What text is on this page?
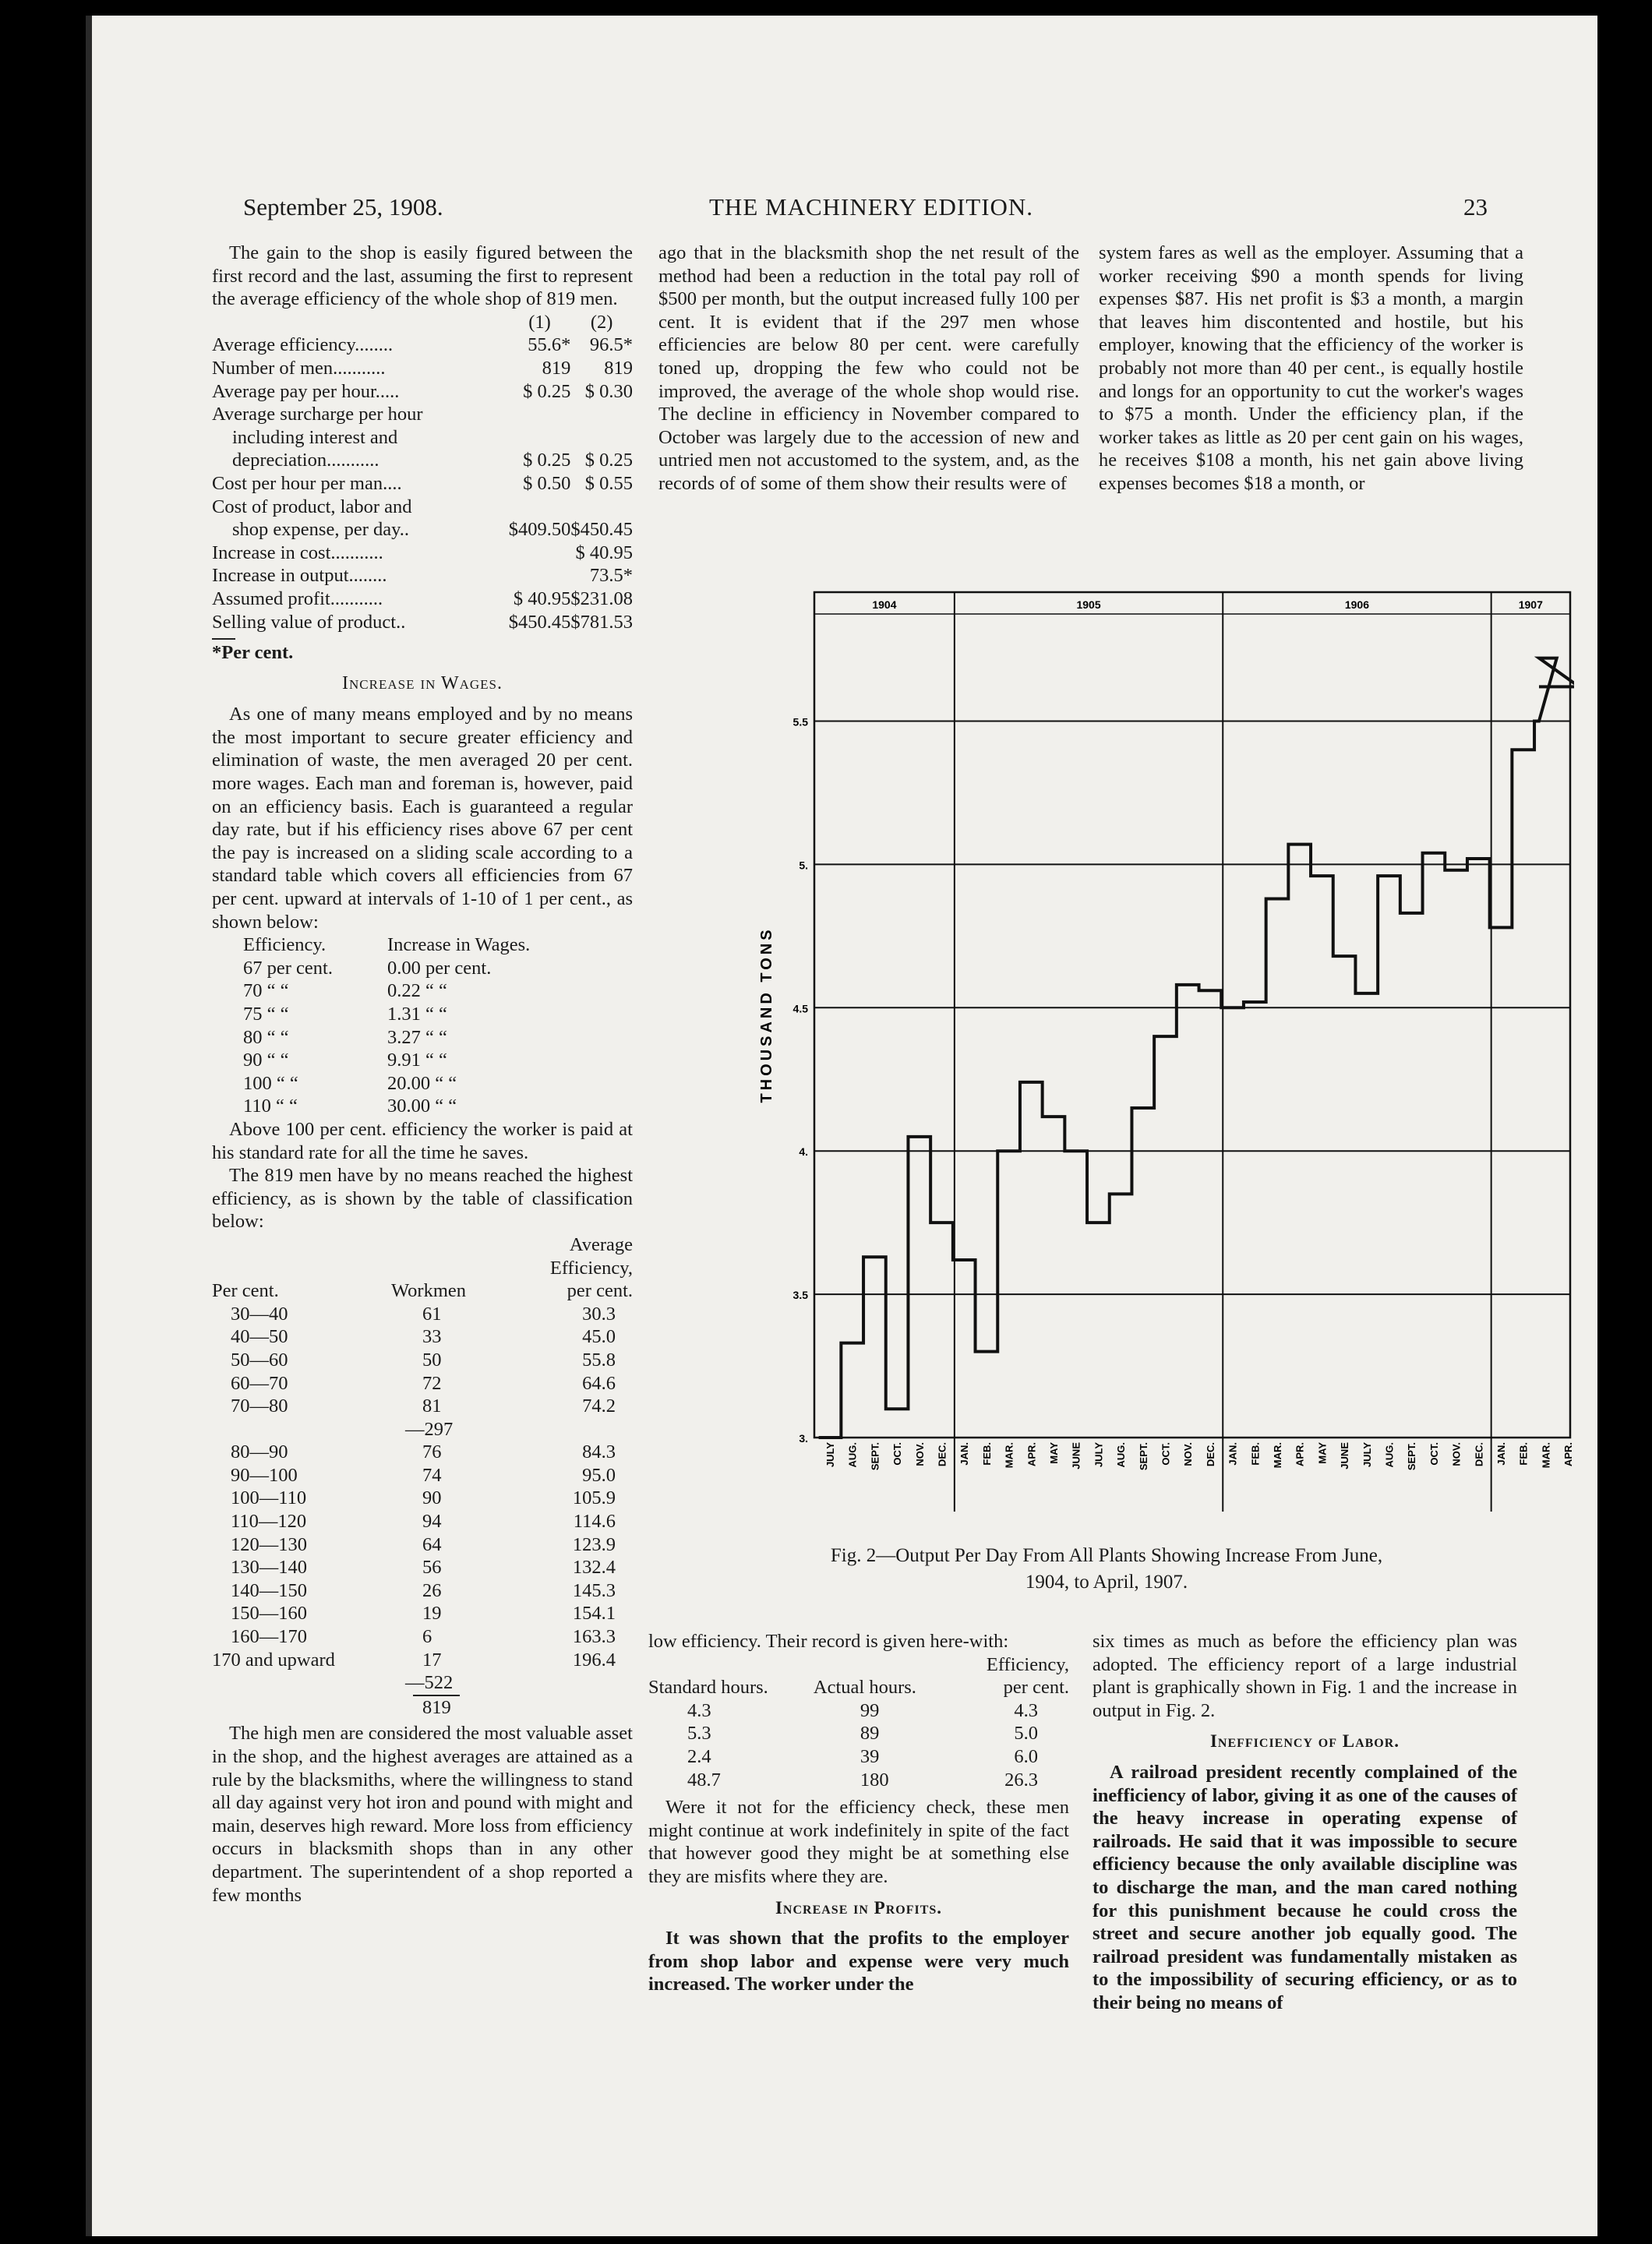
September 25, 1908.	THE MACHINERY EDITION.	23

The gain to the shop is easily figured between the first record and the last, assuming the first to represent the average efficiency of the whole shop of 819 men.

	(1)	(2)
Average efficiency........	55.6*	96.5*
Number of men...........	819	819
Average pay per hour.....	$ 0.25	$ 0.30
Average surcharge per hour		
including interest and		
depreciation...........	$ 0.25	$ 0.25
Cost per hour per man....	$ 0.50	$ 0.55
Cost of product, labor and		
shop expense, per day..	$409.50	$450.45
Increase in cost...........		$ 40.95
Increase in output........		73.5*
Assumed profit...........	$ 40.95	$231.08
Selling value of product..	$450.45	$781.53
*Per cent.
Increase in Wages.

As one of many means employed and by no means the most important to secure greater efficiency and elimination of waste, the men averaged 20 per cent. more wages. Each man and foreman is, however, paid on an efficiency basis. Each is guaranteed a regular day rate, but if his efficiency rises above 67 per cent the pay is increased on a sliding scale according to a standard table which covers all efficiencies from 67 per cent. upward at intervals of 1-10 of 1 per cent., as shown below:

Efficiency.	Increase in Wages.
67 per cent.	0.00 per cent.
70 “ “	0.22 “ “
75 “ “	1.31 “ “
80 “ “	3.27 “ “
90 “ “	9.91 “ “
100 “ “	20.00 “ “
110 “ “	30.00 “ “

Above 100 per cent. efficiency the worker is paid at his standard rate for all the time he saves.

The 819 men have by no means reached the highest efficiency, as is shown by the table of classification below:

		Average
		Efficiency,
Per cent.	Workmen	per cent.
30—40	61	30.3
40—50	33	45.0
50—60	50	55.8
60—70	72	64.6
70—80	81	74.2
	—297	
80—90	76	84.3
90—100	74	95.0
100—110	90	105.9
110—120	94	114.6
120—130	64	123.9
130—140	56	132.4
140—150	26	145.3
150—160	19	154.1
160—170	6	163.3
170 and upward	17	196.4
	—522	

	819	

The high men are considered the most valuable asset in the shop, and the highest averages are attained as a rule by the blacksmiths, where the willingness to stand all day against very hot iron and pound with might and main, deserves high reward. More loss from efficiency occurs in blacksmith shops than in any other department. The superintendent of a shop reported a few months

ago that in the blacksmith shop the net result of the method had been a reduction in the total pay roll of $500 per month, but the output increased fully 100 per cent. It is evident that if the 297 men whose efficiencies are below 80 per cent. were carefully toned up, dropping the few who could not be improved, the average of the whole shop would rise. The decline in efficiency in November compared to October was largely due to the accession of new and untried men not accustomed to the system, and, as the records of of some of them show their results were of

system fares as well as the employer. Assuming that a worker receiving $90 a month spends for living expenses $87. His net profit is $3 a month, a margin that leaves him discontented and hostile, but his employer, knowing that the efficiency of the worker is probably not more than 40 per cent., is equally hostile and longs for an opportunity to cut the worker's wages to $75 a month. Under the efficiency plan, if the worker takes as little as 20 per cent gain on his wages, he receives $108 a month, his net gain above living expenses becomes $18 a month, or

3.
3.5
4.
4.5
5.
5.5
THOUSAND TONS
1904	1905	1906	1907
JULY AUG. SEPT. OCT. NOV. DEC. JAN. FEB. MAR. APR. MAY JUNE JULY AUG. SEPT. OCT. NOV. DEC. JAN. FEB. MAR. APR. MAY JUNE JULY AUG. SEPT. OCT. NOV. DEC. JAN. FEB. MAR. APR.
Fig. 2—Output Per Day From All Plants Showing Increase From June,
1904, to April, 1907.

low efficiency. Their record is given here-with:

		Efficiency,
Standard hours.	Actual hours.	per cent.
4.3	99	4.3
5.3	89	5.0
2.4	39	6.0
48.7	180	26.3

Were it not for the efficiency check, these men might continue at work indefinitely in spite of the fact that however good they might be at something else they are misfits where they are.

Increase in Profits.

It was shown that the profits to the employer from shop labor and expense were very much increased. The worker under the

six times as much as before the efficiency plan was adopted. The efficiency report of a large industrial plant is graphically shown in Fig. 1 and the increase in output in Fig. 2.

Inefficiency of Labor.

A railroad president recently complained of the inefficiency of labor, giving it as one of the causes of the heavy increase in operating expense of railroads. He said that it was impossible to secure efficiency because the only available discipline was to discharge the man, and the man cared nothing for this punishment because he could cross the street and secure another job equally good. The railroad president was fundamentally mistaken as to the impossibility of securing efficiency, or as to their being no means of
